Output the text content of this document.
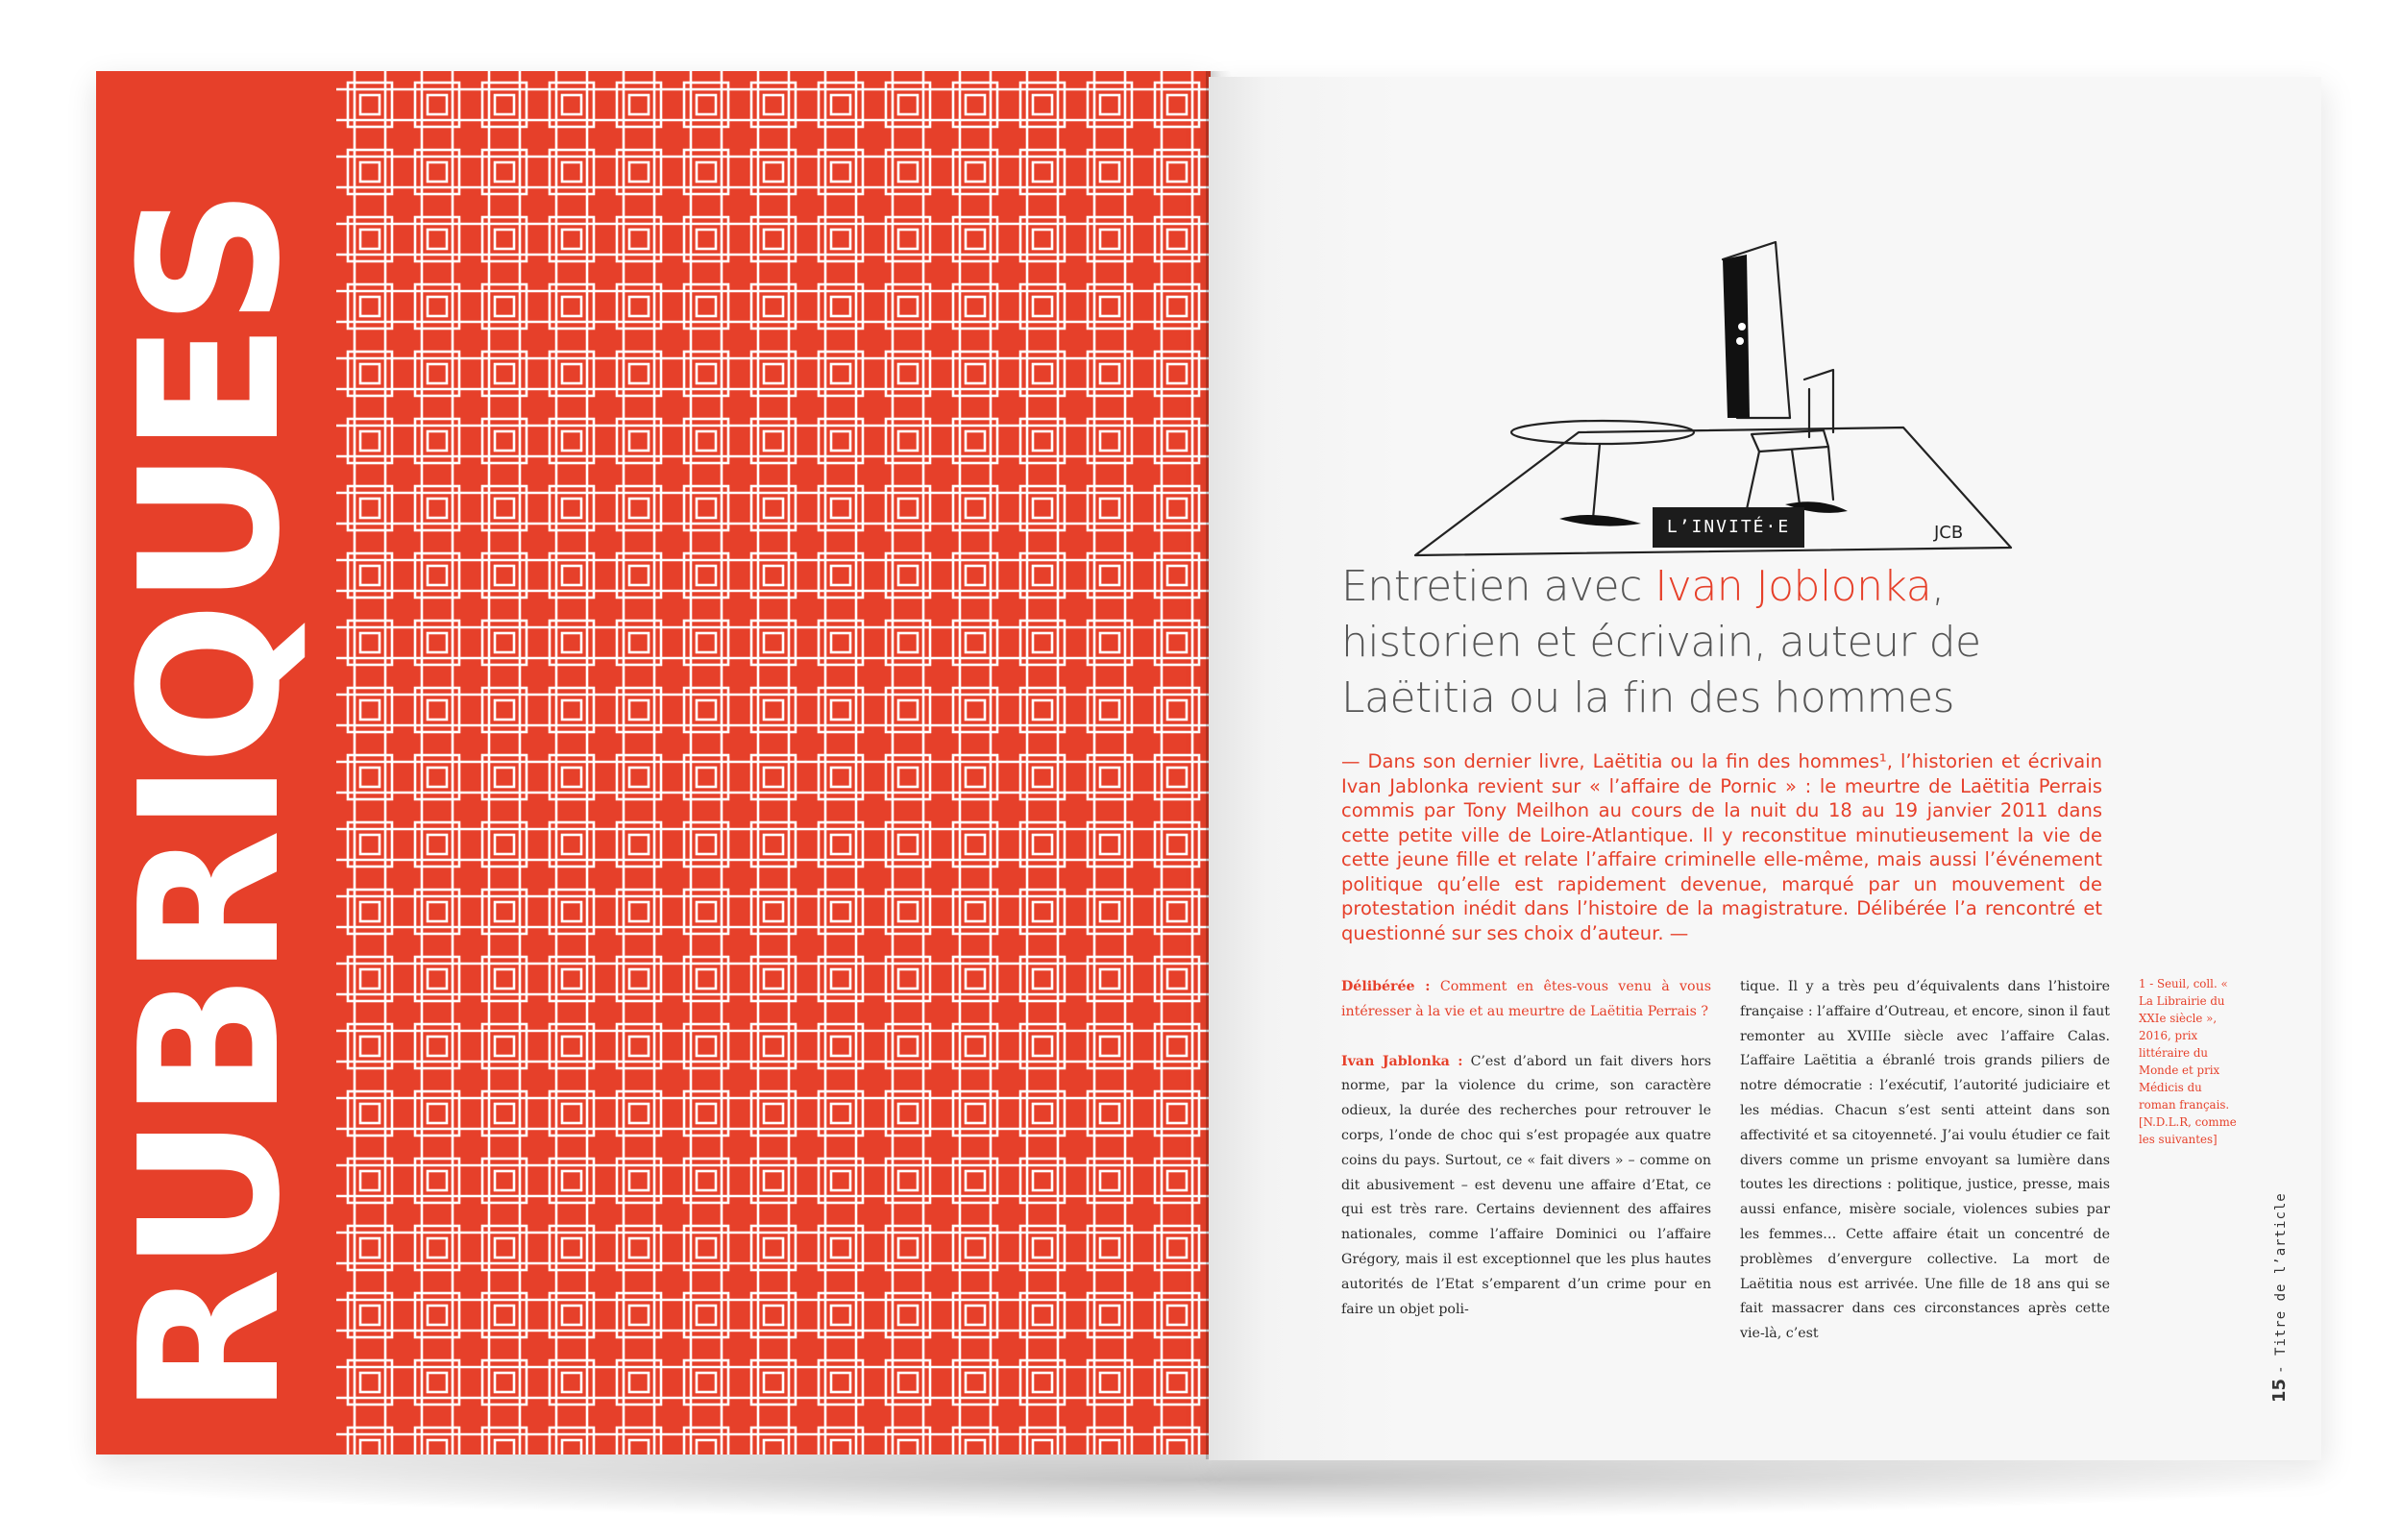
RUBRIQUES	JCB
L’INVITÉ·E
Entretien avec Ivan Joblonka,
historien et écrivain, auteur de
Laëtitia ou la fin des hommes

— Dans son dernier livre, Laëtitia ou la fin des hommes¹, l’historien et écrivain Ivan Jablonka revient sur « l’affaire de Pornic » : le meurtre de Laëtitia Perrais commis par Tony Meilhon au cours de la nuit du 18 au 19 janvier 2011 dans cette petite ville de Loire-Atlantique. Il y reconstitue minutieusement la vie de cette jeune fille et relate l’affaire criminelle elle-même, mais aussi l’événement politique qu’elle est rapidement devenue, marqué par un mouvement de protestation inédit dans l’histoire de la magistrature. Délibérée l’a rencontré et questionné sur ses choix d’auteur. —

Délibérée : Comment en êtes-vous venu à vous intéresser à la vie et au meurtre de Laëtitia Perrais ?

Ivan Jablonka : C’est d’abord un fait divers hors norme, par la violence du crime, son caractère odieux, la durée des recherches pour retrouver le corps, l’onde de choc qui s’est propagée aux quatre coins du pays. Surtout, ce « fait divers » – comme on dit abusivement – est devenu une affaire d’Etat, ce qui est très rare. Certains deviennent des affaires nationales, comme l’affaire Dominici ou l’affaire Grégory, mais il est exceptionnel que les plus hautes autorités de l’Etat s’emparent d’un crime pour en faire un objet poli-

tique. Il y a très peu d’équivalents dans l’histoire française : l’affaire d’Outreau, et encore, sinon il faut remonter au XVIIIe siècle avec l’affaire Calas. L’affaire Laëtitia a ébranlé trois grands piliers de notre démocratie : l’exécutif, l’autorité judiciaire et les médias. Chacun s’est senti atteint dans son affectivité et sa citoyenneté. J’ai voulu étudier ce fait divers comme un prisme envoyant sa lumière dans toutes les directions : politique, justice, presse, mais aussi enfance, misère sociale, violences subies par les femmes… Cette affaire était un concentré de problèmes d’envergure collective. La mort de Laëtitia nous est arrivée. Une fille de 18 ans qui se fait massacrer dans ces circonstances après cette vie-là, c’est

1 - Seuil, coll. « La Librairie du XXIe siècle », 2016, prix littéraire du Monde et prix Médicis du roman français. [N.D.L.R, comme les suivantes]
15 - Titre de l’article
